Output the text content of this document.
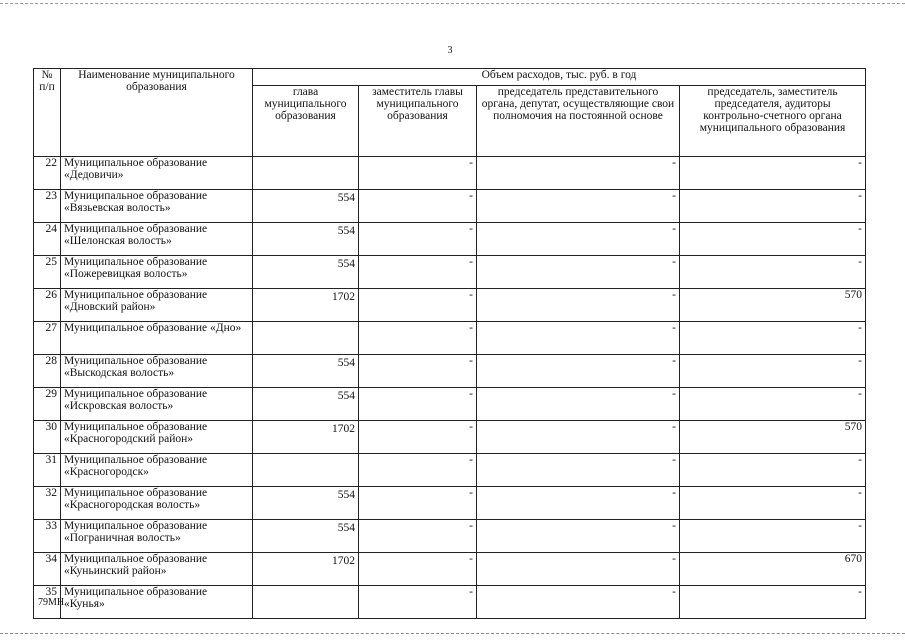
3
№ п/п	Наименование муниципального образования	Объем расходов, тыс. руб. в год			
		глава муниципального образования	заместитель главы муниципального образования	председатель представительного органа, депутат, осуществляющие свои полномочия на постоянной основе	председатель, заместитель председателя, аудиторы контрольно-счетного органа муниципального образования
22	Муниципальное образование «Дедовичи»		-	-	-
23	Муниципальное образование «Вязьевская волость»	554	-	-	-
24	Муниципальное образование «Шелонская волость»	554	-	-	-
25	Муниципальное образование «Пожеревицкая волость»	554	-	-	-
26	Муниципальное образование «Дновский район»	1702	-	-	570
27	Муниципальное образование «Дно»		-	-	-
28	Муниципальное образование «Выскодская волость»	554	-	-	-
29	Муниципальное образование «Искровская волость»	554	-	-	-
30	Муниципальное образование «Красногородский район»	1702	-	-	570
31	Муниципальное образование «Красногородск»		-	-	-
32	Муниципальное образование «Красногородская волость»	554	-	-	-
33	Муниципальное образование «Пограничная волость»	554	-	-	-
34	Муниципальное образование «Куньинский район»	1702	-	-	670
35	Муниципальное образование «Кунья»		-	-	-
79МН
